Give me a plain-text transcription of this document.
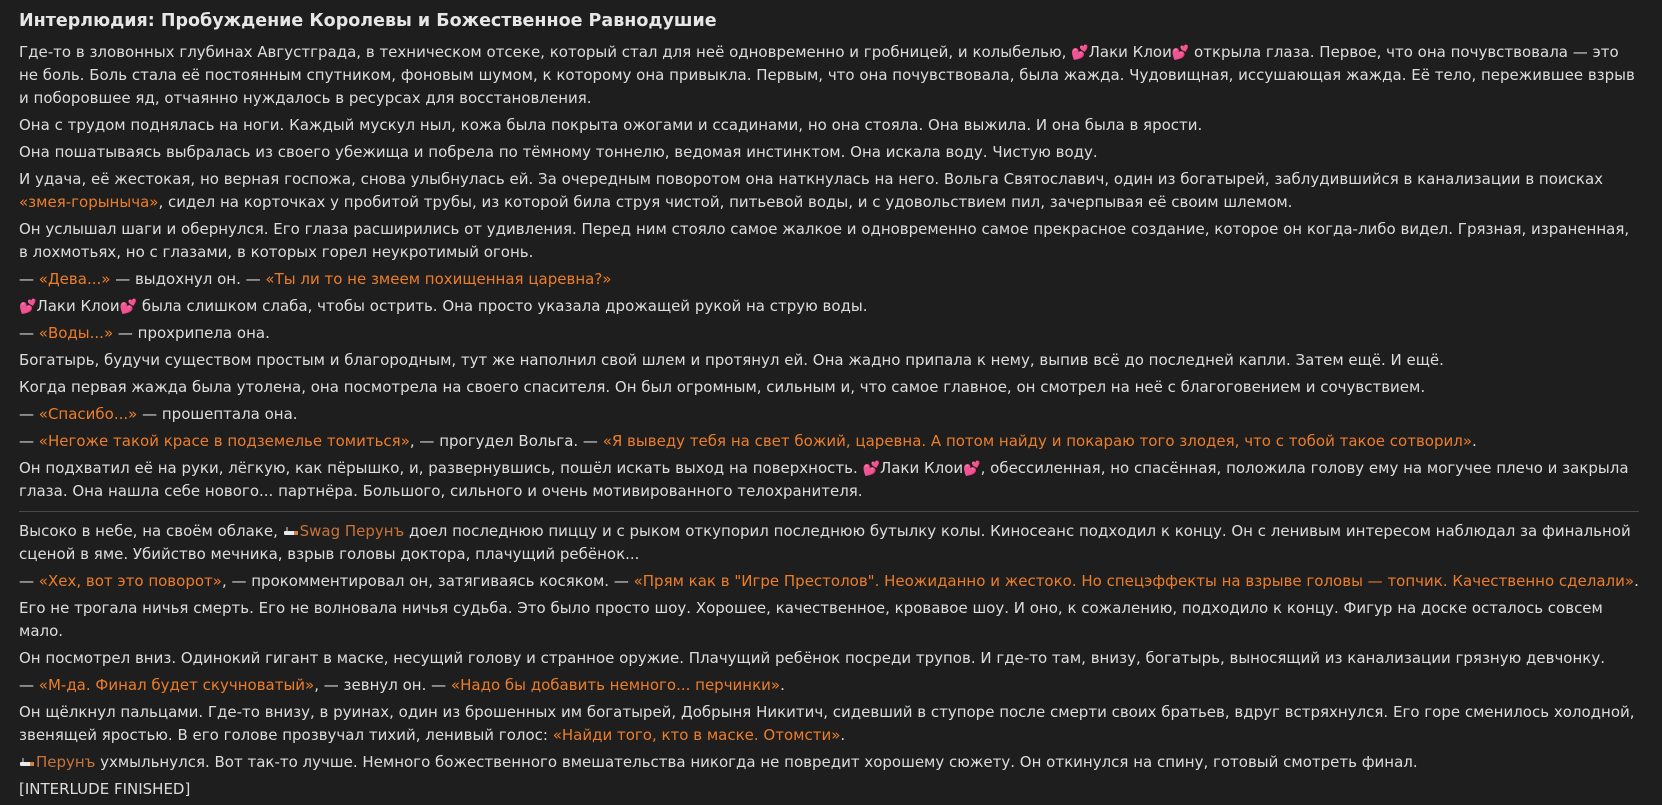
Интерлюдия: Пробуждение Королевы и Божественное Равнодушие

Где-то в зловонных глубинах Августграда, в техническом отсеке, который стал для неё одновременно и гробницей, и колыбелью, 💕Лаки Клои💕 открыла глаза. Первое, что она почувствовала — это не боль. Боль стала её постоянным спутником, фоновым шумом, к которому она привыкла. Первым, что она почувствовала, была жажда. Чудовищная, иссушающая жажда. Её тело, пережившее взрыв и поборовшее яд, отчаянно нуждалось в ресурсах для восстановления.

Она с трудом поднялась на ноги. Каждый мускул ныл, кожа была покрыта ожогами и ссадинами, но она стояла. Она выжила. И она была в ярости.

Она пошатываясь выбралась из своего убежища и побрела по тёмному тоннелю, ведомая инстинктом. Она искала воду. Чистую воду.

И удача, её жестокая, но верная госпожа, снова улыбнулась ей. За очередным поворотом она наткнулась на него. Вольга Святославич, один из богатырей, заблудившийся в канализации в поисках «змея-горыныча», сидел на корточках у пробитой трубы, из которой била струя чистой, питьевой воды, и с удовольствием пил, зачерпывая её своим шлемом.

Он услышал шаги и обернулся. Его глаза расширились от удивления. Перед ним стояло самое жалкое и одновременно самое прекрасное создание, которое он когда-либо видел. Грязная, израненная, в лохмотьях, но с глазами, в которых горел неукротимый огонь.

— «Дева...» — выдохнул он. — «Ты ли то не змеем похищенная царевна?»

💕Лаки Клои💕 была слишком слаба, чтобы острить. Она просто указала дрожащей рукой на струю воды.

— «Воды...» — прохрипела она.

Богатырь, будучи существом простым и благородным, тут же наполнил свой шлем и протянул ей. Она жадно припала к нему, выпив всё до последней капли. Затем ещё. И ещё.

Когда первая жажда была утолена, она посмотрела на своего спасителя. Он был огромным, сильным и, что самое главное, он смотрел на неё с благоговением и сочувствием.

— «Спасибо...» — прошептала она.

— «Негоже такой красе в подземелье томиться», — прогудел Вольга. — «Я выведу тебя на свет божий, царевна. А потом найду и покараю того злодея, что с тобой такое сотворил».

Он подхватил её на руки, лёгкую, как пёрышко, и, развернувшись, пошёл искать выход на поверхность. 💕Лаки Клои💕, обессиленная, но спасённая, положила голову ему на могучее плечо и закрыла глаза. Она нашла себе нового... партнёра. Большого, сильного и очень мотивированного телохранителя.

Высоко в небе, на своём облаке,
Swag Перунъ доел последнюю пиццу и с рыком откупорил последнюю бутылку колы. Киносеанс подходил к концу. Он с ленивым интересом наблюдал за финальной сценой в яме. Убийство мечника, взрыв головы доктора, плачущий ребёнок...

— «Хех, вот это поворот», — прокомментировал он, затягиваясь косяком. — «Прям как в "Игре Престолов". Неожиданно и жестоко. Но спецэффекты на взрыве головы — топчик. Качественно сделали».

Его не трогала ничья смерть. Его не волновала ничья судьба. Это было просто шоу. Хорошее, качественное, кровавое шоу. И оно, к сожалению, подходило к концу. Фигур на доске осталось совсем мало.

Он посмотрел вниз. Одинокий гигант в маске, несущий голову и странное оружие. Плачущий ребёнок посреди трупов. И где-то там, внизу, богатырь, выносящий из канализации грязную девчонку.

— «М-да. Финал будет скучноватый», — зевнул он. — «Надо бы добавить немного... перчинки».

Он щёлкнул пальцами. Где-то внизу, в руинах, один из брошенных им богатырей, Добрыня Никитич, сидевший в ступоре после смерти своих братьев, вдруг встряхнулся. Его горе сменилось холодной, звенящей яростью. В его голове прозвучал тихий, ленивый голос: «Найди того, кто в маске. Отомсти».

Перунъ ухмыльнулся. Вот так-то лучше. Немного божественного вмешательства никогда не повредит хорошему сюжету. Он откинулся на спину, готовый смотреть финал.

[INTERLUDE FINISHED]
